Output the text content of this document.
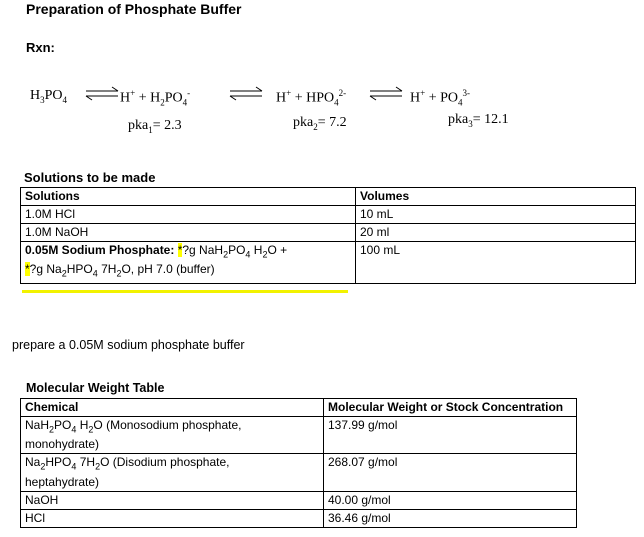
Preparation of Phosphate Buffer
Rxn:
$H_3PO_4$ ⇌ $H^+ + H_2PO_4^-$	⇌ $H^+ + HPO_4^{2-}$ ⇌ $H^+ + PO_4^{3-}$
pka$_1$= 2.3	pka$_2$= 7.2	pka$_3$= 12.1
Solutions to be made
Solutions	Volumes
1.0M HCl	10 mL
1.0M NaOH	20 ml
0.05M Sodium Phosphate: *?g $NaH_2PO_4$ $H_2O$ +
*?g $Na_2HPO_4$ $7H_2O$, pH 7.0 (buffer)	100 mL
prepare a 0.05M sodium phosphate buffer
Molecular Weight Table
Chemical	Molecular Weight or Stock Concentration
$NaH_2PO_4$ $H_2O$ (Monosodium phosphate,
monohydrate)	137.99 g/mol
$Na_2HPO_4$ $7H_2O$ (Disodium phosphate,
heptahydrate)	268.07 g/mol
NaOH	40.00 g/mol
HCl	36.46 g/mol
